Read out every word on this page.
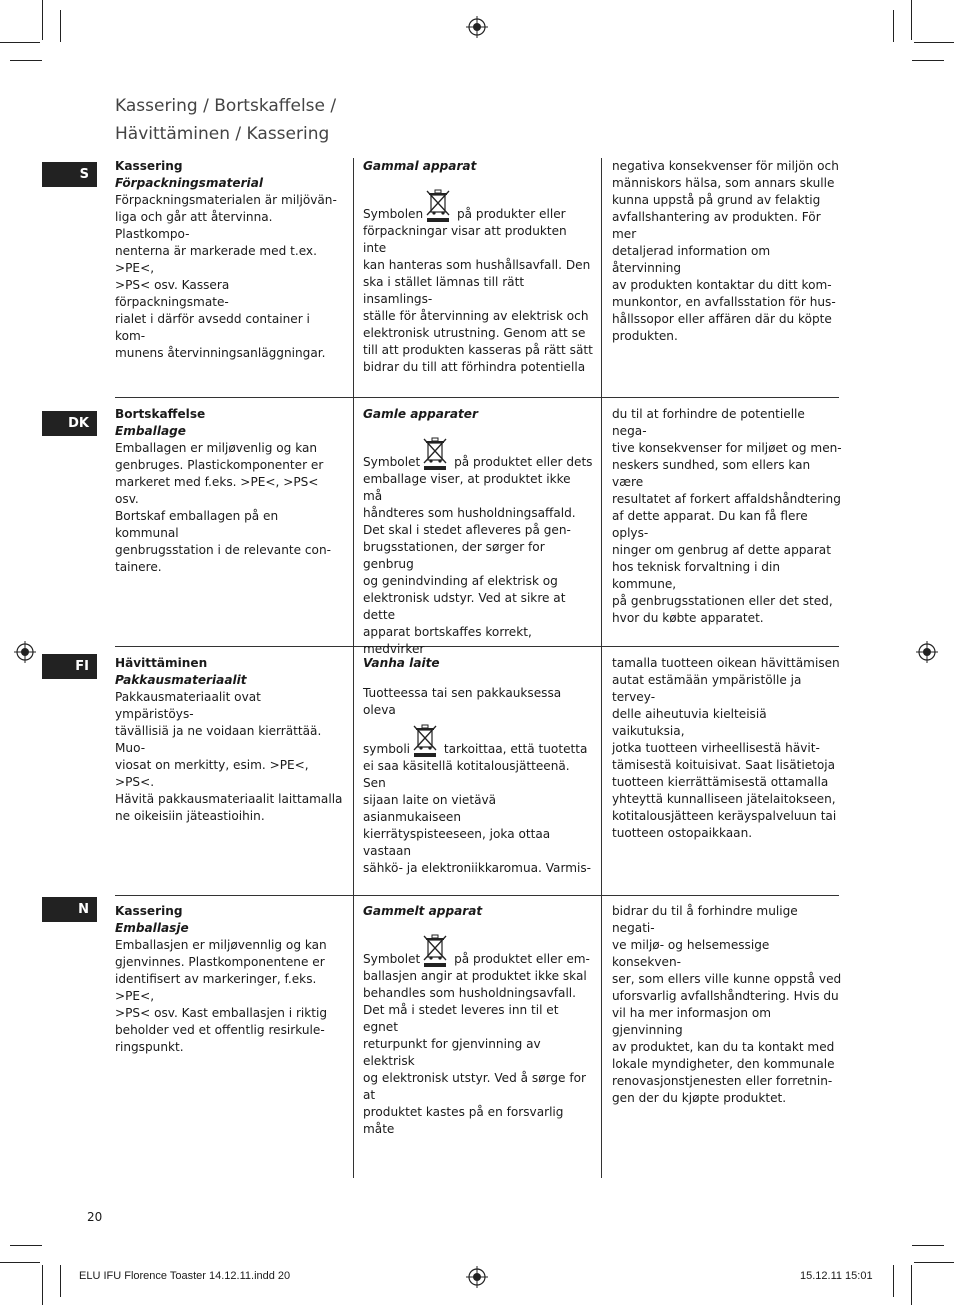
Kassering / Bortskaffelse /
Hävittäminen / Kassering
S
Kassering
Förpackningsmaterial
Förpackningsmaterialen är miljövän-
liga och går att återvinna. Plastkompo-
nenterna är markerade med t.ex. >PE<,
>PS< osv. Kassera förpackningsmate-
rialet i därför avsedd container i kom-
munens återvinningsanläggningar.
Gammal apparat
Symbolen på produkter eller
förpackningar visar att produkten inte
kan hanteras som hushållsavfall. Den
ska i stället lämnas till rätt insamlings-
ställe för återvinning av elektrisk och
elektronisk utrustning. Genom att se
till att produkten kasseras på rätt sätt
bidrar du till att förhindra potentiella
negativa konsekvenser för miljön och
människors hälsa, som annars skulle
kunna uppstå på grund av felaktig
avfallshantering av produkten. För mer
detaljerad information om återvinning
av produkten kontaktar du ditt kom-
munkontor, en avfallsstation för hus-
hållssopor eller affären där du köpte
produkten.
DK
Bortskaffelse
Emballage
Emballagen er miljøvenlig og kan
genbruges. Plastickomponenter er
markeret med f.eks. >PE<, >PS< osv.
Bortskaf emballagen på en kommunal
genbrugsstation i de relevante con-
tainere.
Gamle apparater
Symbolet på produktet eller dets
emballage viser, at produktet ikke må
håndteres som husholdningsaffald.
Det skal i stedet afleveres på gen-
brugsstationen, der sørger for genbrug
og genindvinding af elektrisk og
elektronisk udstyr. Ved at sikre at dette
apparat bortskaffes korrekt, medvirker
du til at forhindre de potentielle nega-
tive konsekvenser for miljøet og men-
neskers sundhed, som ellers kan være
resultatet af forkert affaldshåndtering
af dette apparat. Du kan få flere oplys-
ninger om genbrug af dette apparat
hos teknisk forvaltning i din kommune,
på genbrugsstationen eller det sted,
hvor du købte apparatet.
FI	Hävittäminen
Pakkausmateriaalit
Pakkausmateriaalit ovat ympäristöys-
tävällisiä ja ne voidaan kierrättää. Muo-
viosat on merkitty, esim. >PE<, >PS<.
Hävitä pakkausmateriaalit laittamalla
ne oikeisiin jäteastioihin.
Vanha laite
Tuotteessa tai sen pakkauksessa oleva
symboli tarkoittaa, että tuotetta
ei saa käsitellä kotitalousjätteenä. Sen
sijaan laite on vietävä asianmukaiseen
kierrätyspisteeseen, joka ottaa vastaan
sähkö- ja elektroniikkaromua. Varmis-
tamalla tuotteen oikean hävittämisen
autat estämään ympäristölle ja tervey-
delle aiheutuvia kielteisiä vaikutuksia,
jotka tuotteen virheellisestä hävit-
tämisestä koituisivat. Saat lisätietoja
tuotteen kierrättämisestä ottamalla
yhteyttä kunnalliseen jätelaitokseen,
kotitalousjätteen keräyspalveluun tai
tuotteen ostopaikkaan.
N	Kassering
Emballasje
Emballasjen er miljøvennlig og kan
gjenvinnes. Plastkomponentene er
identifisert av markeringer, f.eks. >PE<,
>PS< osv. Kast emballasjen i riktig
beholder ved et offentlig resirkule-
ringspunkt.
Gammelt apparat
Symbolet på produktet eller em-
ballasjen angir at produktet ikke skal
behandles som husholdningsavfall.
Det må i stedet leveres inn til et egnet
returpunkt for gjenvinning av elektrisk
og elektronisk utstyr. Ved å sørge for at
produktet kastes på en forsvarlig måte
bidrar du til å forhindre mulige negati-
ve miljø- og helsemessige konsekven-
ser, som ellers ville kunne oppstå ved
uforsvarlig avfallshåndtering. Hvis du
vil ha mer informasjon om gjenvinning
av produktet, kan du ta kontakt med
lokale myndigheter, den kommunale
renovasjonstjenesten eller forretnin-
gen der du kjøpte produktet.
20
ELU IFU Florence Toaster 14.12.11.indd 20	15.12.11 15:01
